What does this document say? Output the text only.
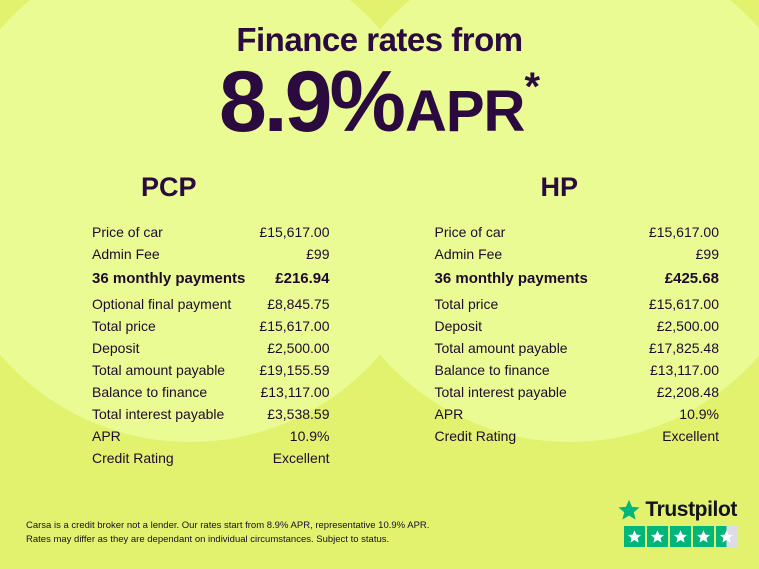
Finance rates from
8.9%APR*
PCP
Price of car	£15,617.00
Admin Fee	£99
36 monthly payments £216.94
Optional final payment	£8,845.75
Total price	£15,617.00
Deposit	£2,500.00
Total amount payable £19,155.59
Balance to finance	£13,117.00
Total interest payable	£3,538.59
APR	10.9%
Credit Rating	Excellent
HP
Price of car	£15,617.00
Admin Fee	£99
36 monthly payments	£425.68
Total price	£15,617.00
Deposit	£2,500.00
Total amount payable	£17,825.48
Balance to finance	£13,117.00
Total interest payable	£2,208.48
APR	10.9%
Credit Rating	Excellent
Carsa is a credit broker not a lender. Our rates start from 8.9% APR, representative 10.9% APR.
Rates may differ as they are dependant on individual circumstances. Subject to status.
Trustpilot
